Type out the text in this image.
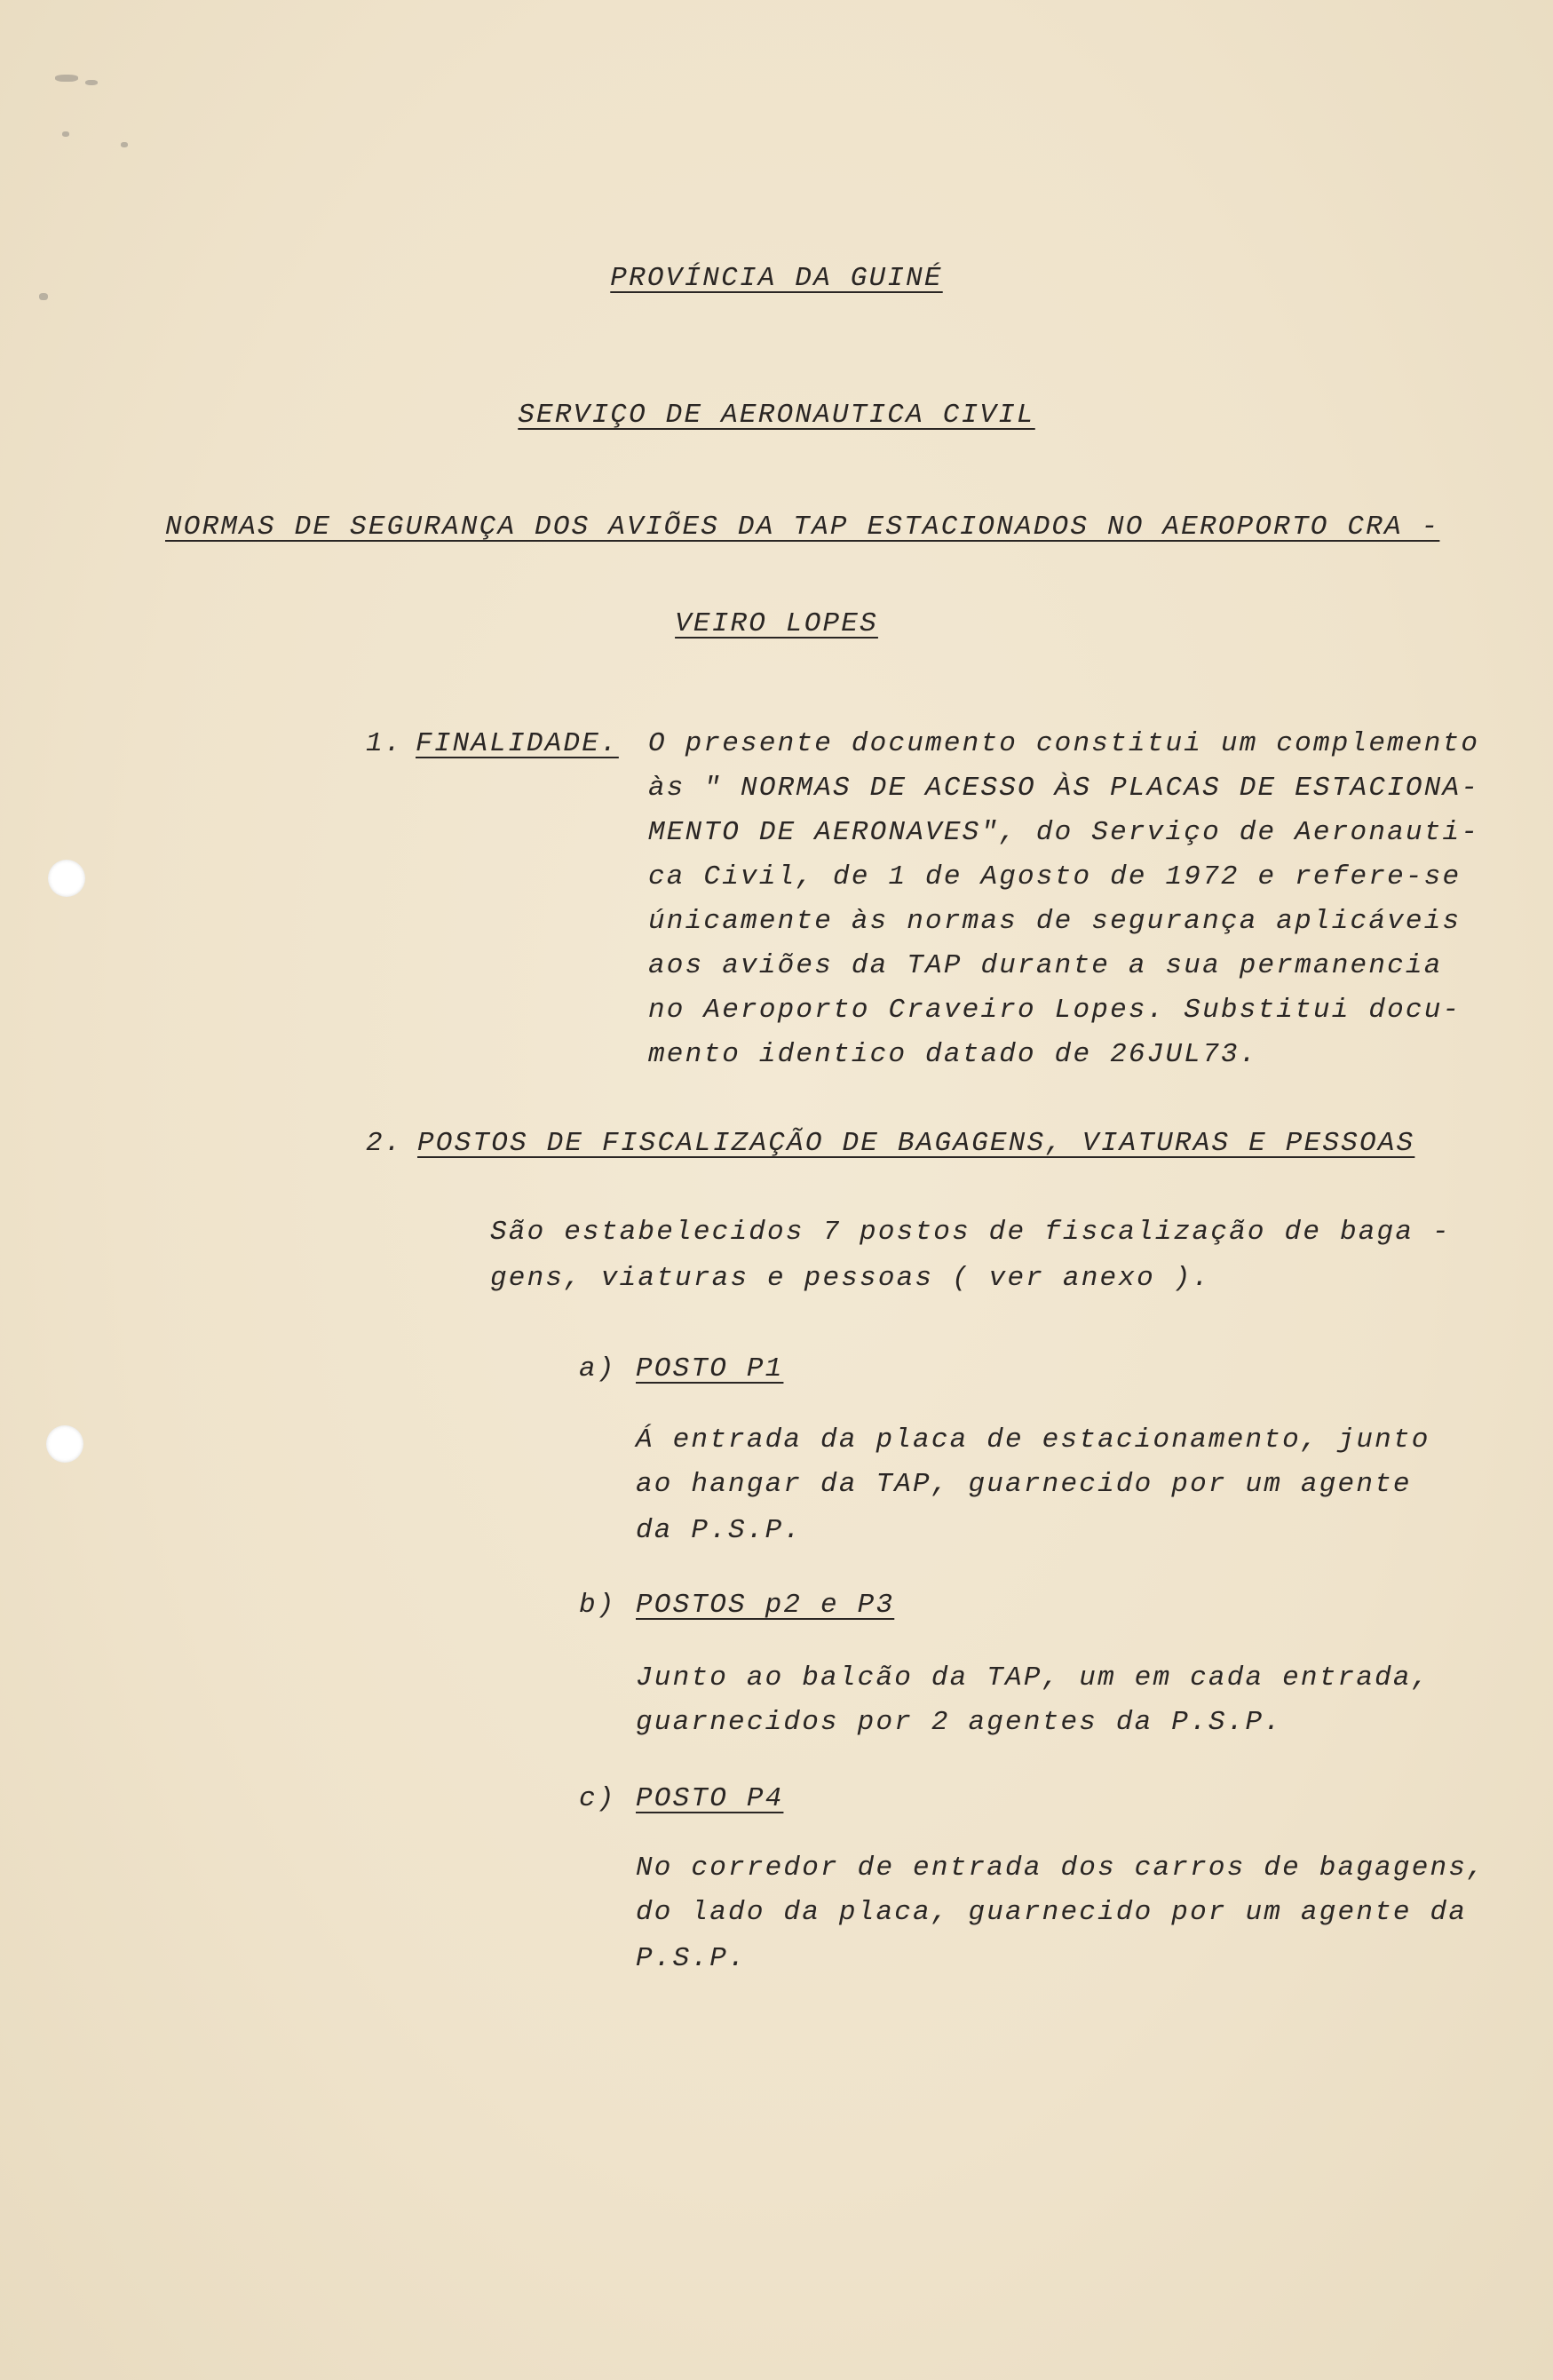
PROVÍNCIA DA GUINÉ
SERVIÇO DE AERONAUTICA CIVIL
NORMAS DE SEGURANÇA DOS AVIÕES DA TAP ESTACIONADOS NO AEROPORTO CRA -
VEIRO LOPES
1. FINALIDADE. O presente documento constitui um complemento
às " NORMAS DE ACESSO ÀS PLACAS DE ESTACIONA-
MENTO DE AERONAVES", do Serviço de Aeronauti-
ca Civil, de 1 de Agosto de 1972 e refere-se
únicamente às normas de segurança aplicáveis
aos aviões da TAP durante a sua permanencia
no Aeroporto Craveiro Lopes. Substitui docu-
mento identico datado de 26JUL73.
2. POSTOS DE FISCALIZAÇÃO DE BAGAGENS, VIATURAS E PESSOAS
São estabelecidos 7 postos de fiscalização de baga -
gens, viaturas e pessoas ( ver anexo ).
a) POSTO P1
Á entrada da placa de estacionamento, junto
ao hangar da TAP, guarnecido por um agente
da P.S.P.
b) POSTOS p2 e P3
Junto ao balcão da TAP, um em cada entrada,
guarnecidos por 2 agentes da P.S.P.
c) POSTO P4
No corredor de entrada dos carros de bagagens,
do lado da placa, guarnecido por um agente da
P.S.P.
